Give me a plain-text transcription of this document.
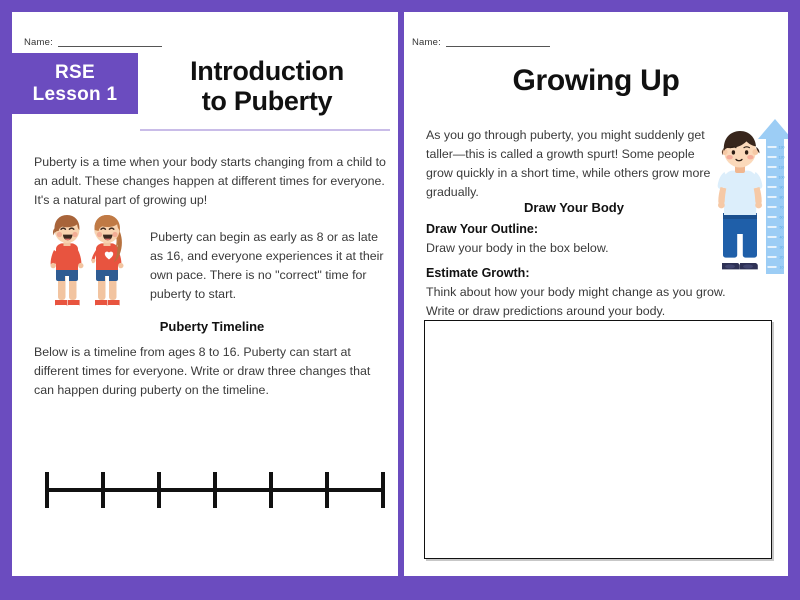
Name:
RSE
Lesson 1
Introduction
to Puberty
Puberty is a time when your body starts changing from a child to an adult. These changes happen at different times for everyone. It's a natural part of growing up!
Puberty can begin as early as 8 or as late as 16, and everyone experiences it at their own pace. There is no "correct" time for puberty to start.
Puberty Timeline
Below is a timeline from ages 8 to 16. Puberty can start at different times for everyone. Write or draw three changes that can happen during puberty on the timeline.
Name:
Growing Up
As you go through puberty, you might suddenly get taller—this is called a growth spurt! Some people grow quickly in a short time, while others grow more gradually.
130
120
110
100
90
80
70
60
50
40
30
20
10
Draw Your Body
Draw Your Outline:
Draw your body in the box below.
Estimate Growth:
Think about how your body might change as you grow. Write or draw predictions around your body.
